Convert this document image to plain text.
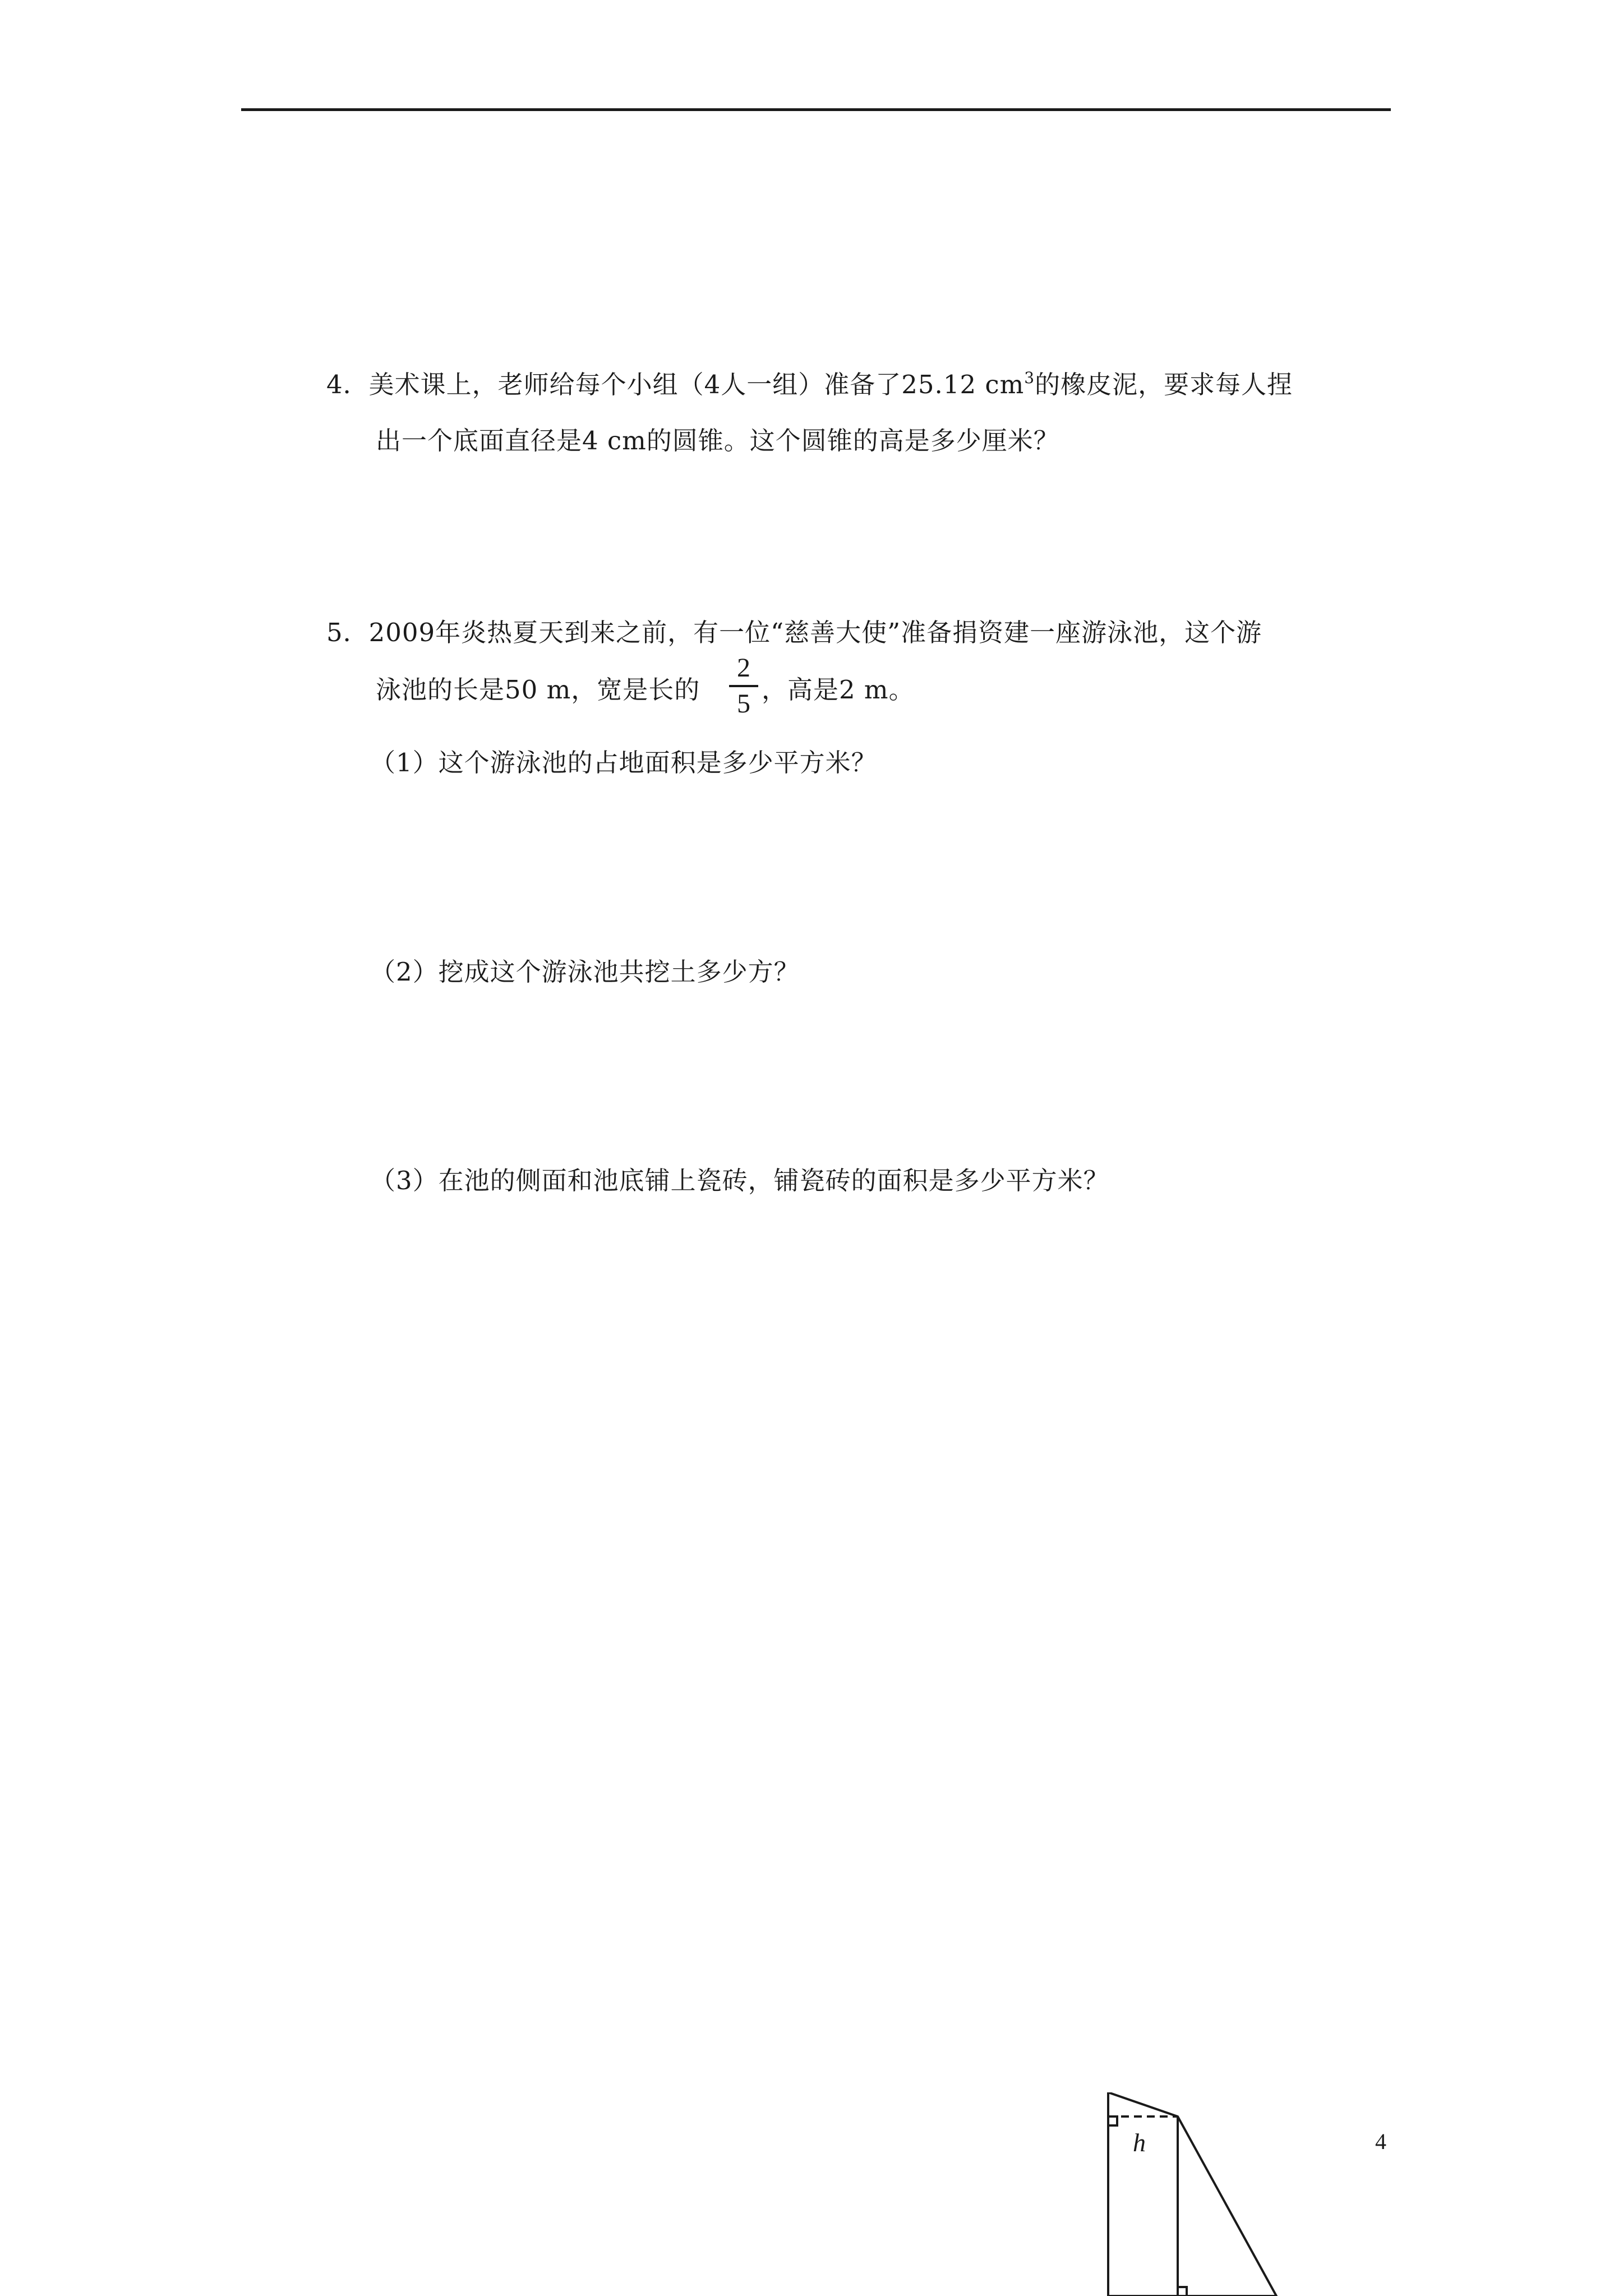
4．美术课上，老师给每个小组（4人一组）准备了25.12 $cm^3$的橡皮泥，要求每人捏
出一个底面直径是4 cm的圆锥。这个圆锥的高是多少厘米？
5．2009年炎热夏天到来之前，有一位“慈善大使”准备捐资建一座游泳池，这个游
泳池的长是50 m，宽是长的
2
5 ，高是2 m。
（1）这个游泳池的占地面积是多少平方米？
（2）挖成这个游泳池共挖土多少方？
（3）在池的侧面和池底铺上瓷砖，铺瓷砖的面积是多少平方米？
h	4
